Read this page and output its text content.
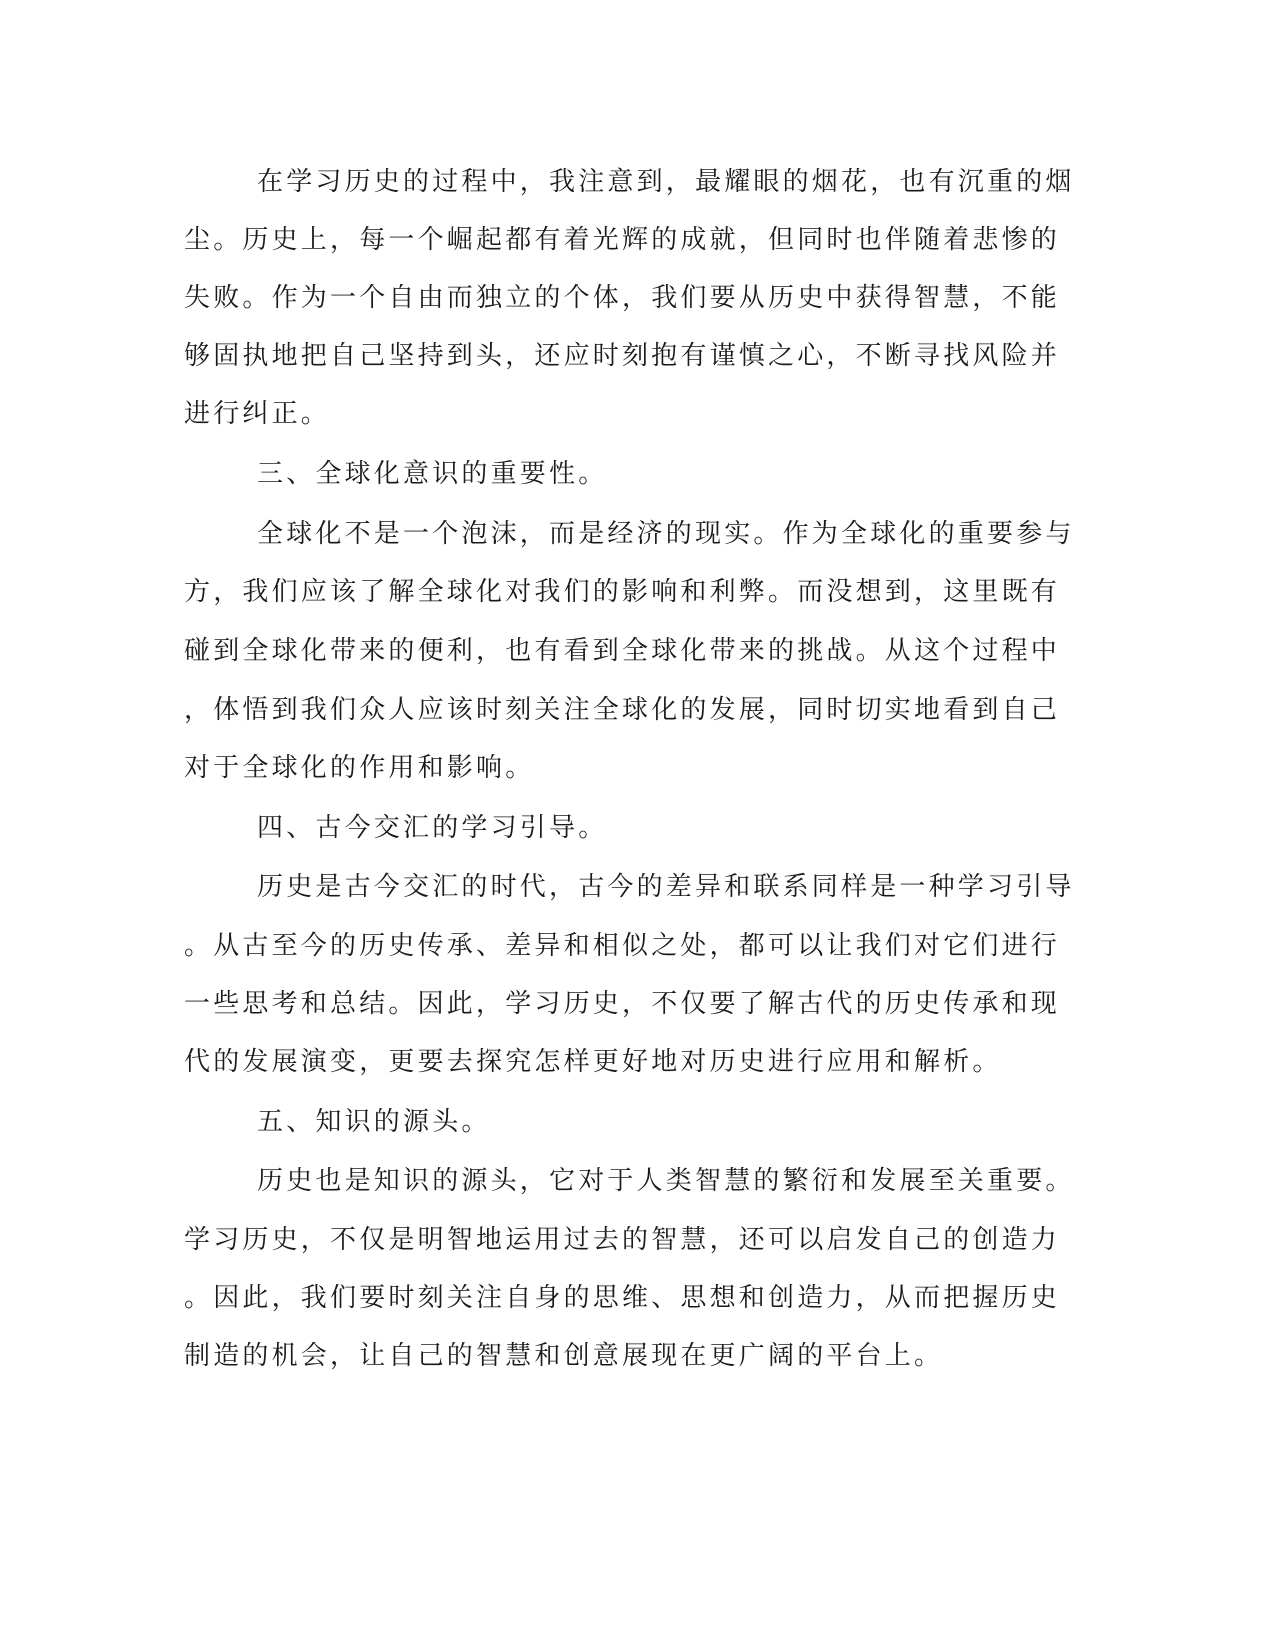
在学习历史的过程中，我注意到，最耀眼的烟花，也有沉重的烟
尘。历史上，每一个崛起都有着光辉的成就，但同时也伴随着悲惨的
失败。作为一个自由而独立的个体，我们要从历史中获得智慧，不能
够固执地把自己坚持到头，还应时刻抱有谨慎之心，不断寻找风险并
进行纠正。
三、全球化意识的重要性。
全球化不是一个泡沫，而是经济的现实。作为全球化的重要参与
方，我们应该了解全球化对我们的影响和利弊。而没想到，这里既有
碰到全球化带来的便利，也有看到全球化带来的挑战。从这个过程中
，体悟到我们众人应该时刻关注全球化的发展，同时切实地看到自己
对于全球化的作用和影响。
四、古今交汇的学习引导。
历史是古今交汇的时代，古今的差异和联系同样是一种学习引导
。从古至今的历史传承、差异和相似之处，都可以让我们对它们进行
一些思考和总结。因此，学习历史，不仅要了解古代的历史传承和现
代的发展演变，更要去探究怎样更好地对历史进行应用和解析。
五、知识的源头。
历史也是知识的源头，它对于人类智慧的繁衍和发展至关重要。
学习历史，不仅是明智地运用过去的智慧，还可以启发自己的创造力
。因此，我们要时刻关注自身的思维、思想和创造力，从而把握历史
制造的机会，让自己的智慧和创意展现在更广阔的平台上。
